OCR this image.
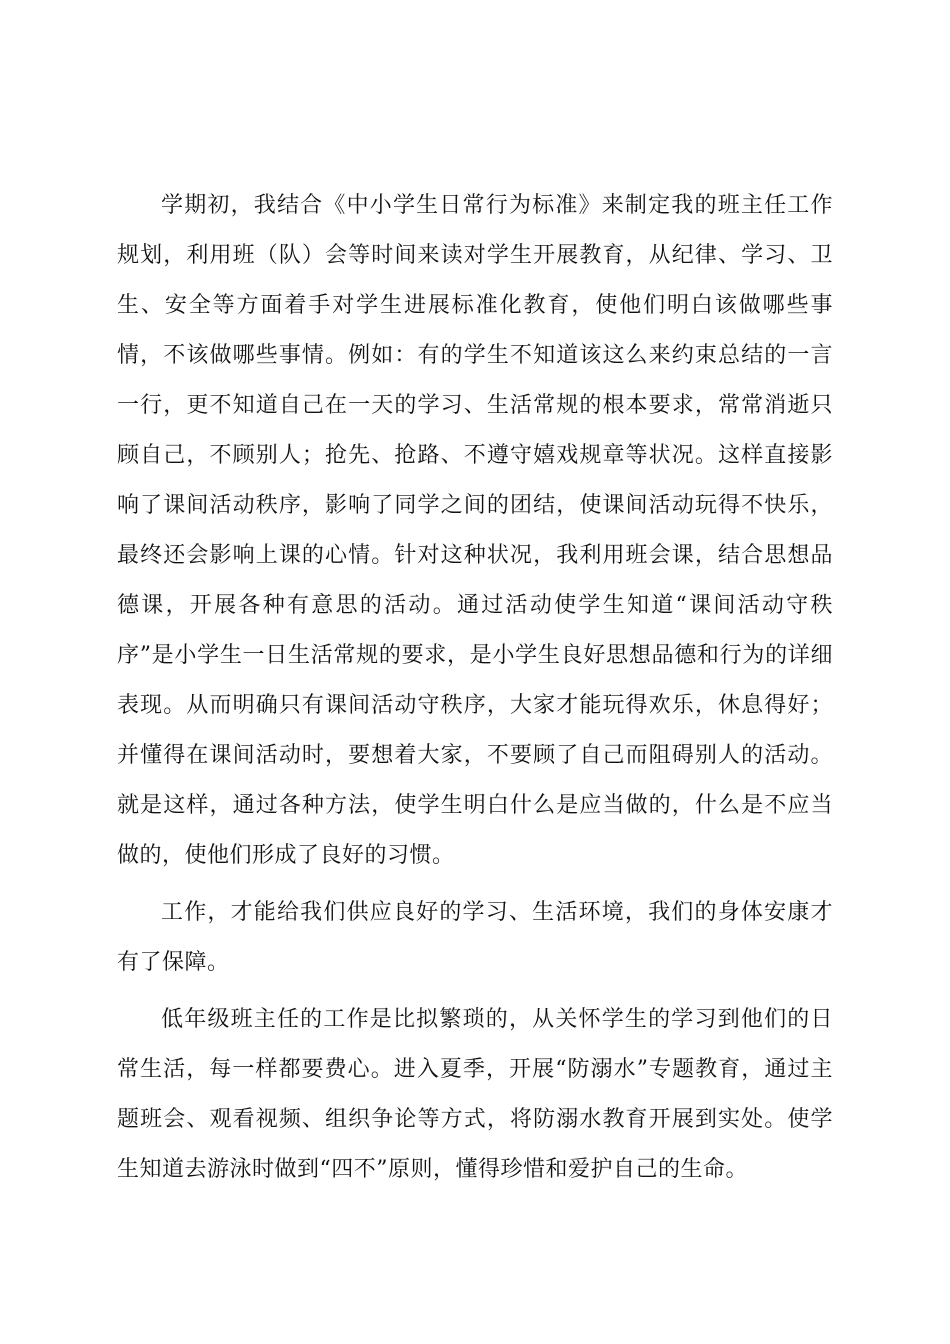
学期初，我结合《中小学生日常行为标准》来制定我的班主任工作规划，利用班（队）会等时间来读对学生开展教育，从纪律、学习、卫生、安全等方面着手对学生进展标准化教育，使他们明白该做哪些事情，不该做哪些事情。例如：有的学生不知道该这么来约束总结的一言一行，更不知道自己在一天的学习、生活常规的根本要求，常常消逝只顾自己，不顾别人；抢先、抢路、不遵守嬉戏规章等状况。这样直接影响了课间活动秩序，影响了同学之间的团结，使课间活动玩得不快乐，最终还会影响上课的心情。针对这种状况，我利用班会课，结合思想品德课，开展各种有意思的活动。通过活动使学生知道“课间活动守秩序”是小学生一日生活常规的要求，是小学生良好思想品德和行为的详细表现。从而明确只有课间活动守秩序，大家才能玩得欢乐，休息得好；并懂得在课间活动时，要想着大家，不要顾了自己而阻碍别人的活动。就是这样，通过各种方法，使学生明白什么是应当做的，什么是不应当做的，使他们形成了良好的习惯。

工作，才能给我们供应良好的学习、生活环境，我们的身体安康才有了保障。

低年级班主任的工作是比拟繁琐的，从关怀学生的学习到他们的日常生活，每一样都要费心。进入夏季，开展“防溺水”专题教育，通过主题班会、观看视频、组织争论等方式，将防溺水教育开展到实处。使学生知道去游泳时做到“四不”原则，懂得珍惜和爱护自己的生命。
